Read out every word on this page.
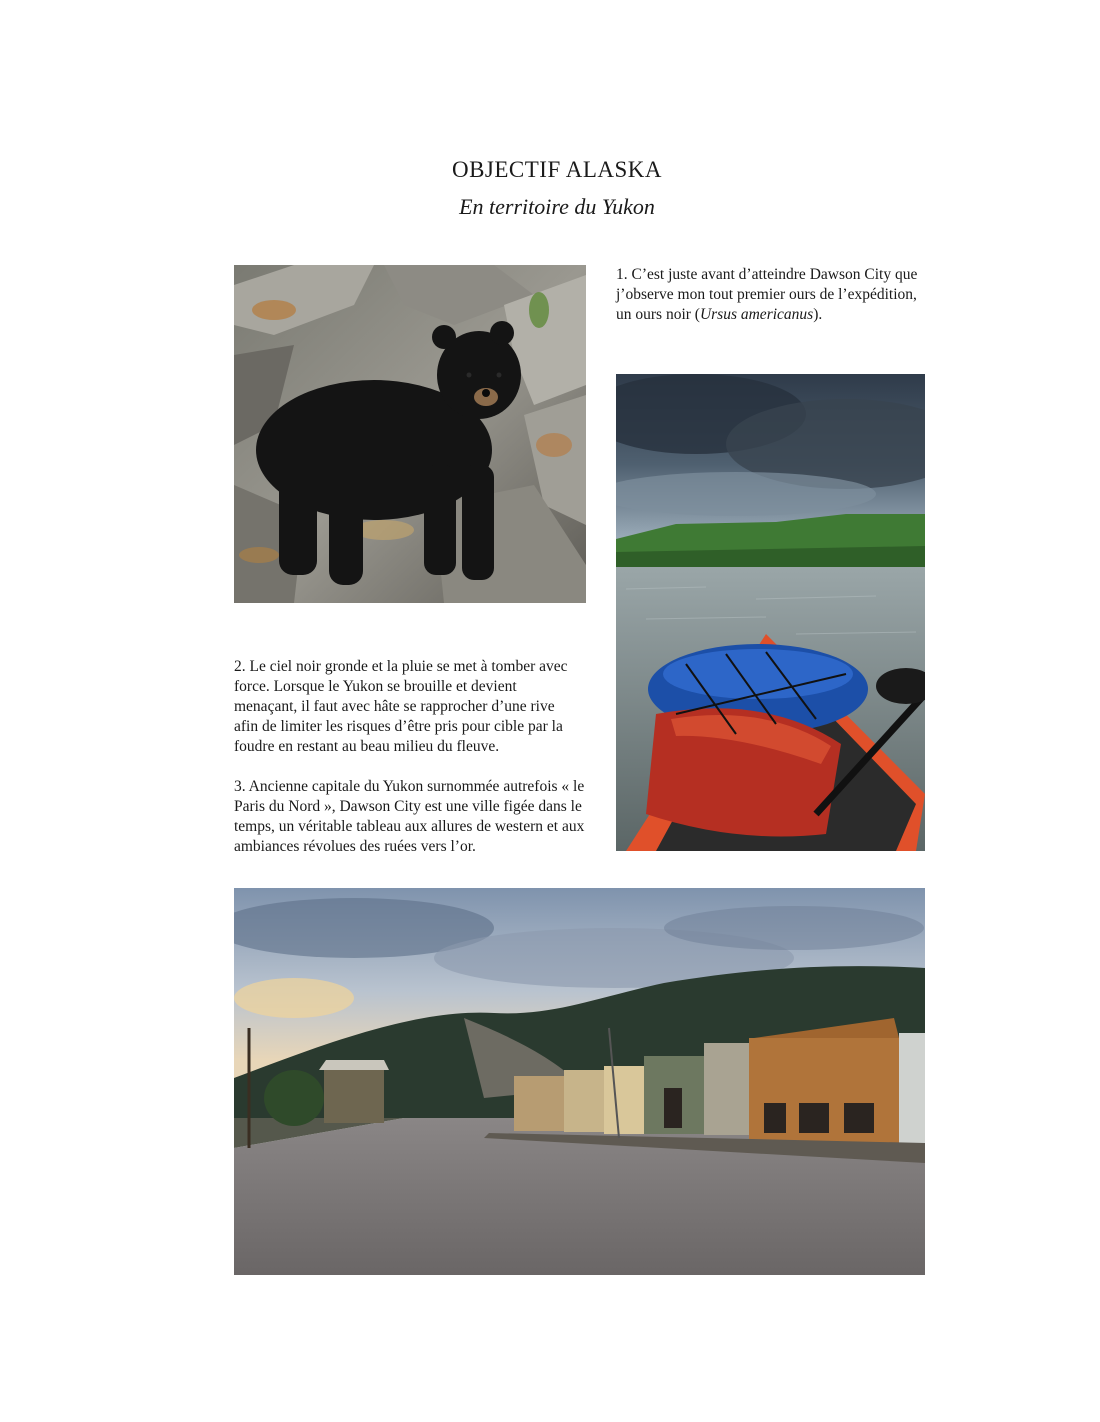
OBJECTIF ALASKA

En territoire du Yukon

1. C’est juste avant d’atteindre Dawson City que j’observe mon tout premier ours de l’expédition, un ours noir (Ursus americanus).

2. Le ciel noir gronde et la pluie se met à tomber avec force. Lorsque le Yukon se brouille et devient menaçant, il faut avec hâte se rapprocher d’une rive afin de limiter les risques d’être pris pour cible par la foudre en restant au beau milieu du fleuve.

3. Ancienne capitale du Yukon surnommée autrefois « le Paris du Nord », Dawson City est une ville figée dans le temps, un véritable tableau aux allures de western et aux ambiances révolues des ruées vers l’or.
